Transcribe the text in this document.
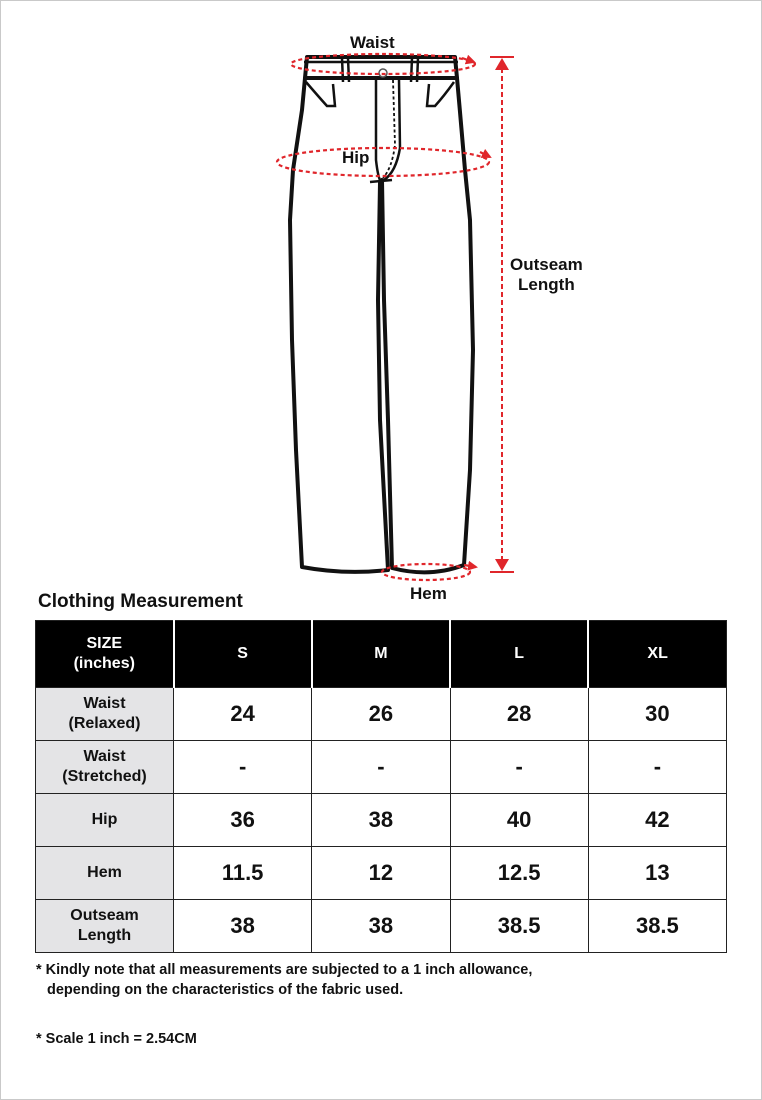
Waist
Hip
Outseam
Length
Hem
Clothing Measurement
SIZE
(inches)	S	M	L	XL
Waist
(Relaxed)	24	26	28	30
Waist
(Stretched)	-	-	-	-
Hip	36	38	40	42
Hem	11.5	12	12.5	13
Outseam
Length	38	38	38.5	38.5
* Kindly note that all measurements are subjected to a 1 inch allowance,
depending on the characteristics of the fabric used.
* Scale 1 inch = 2.54CM
